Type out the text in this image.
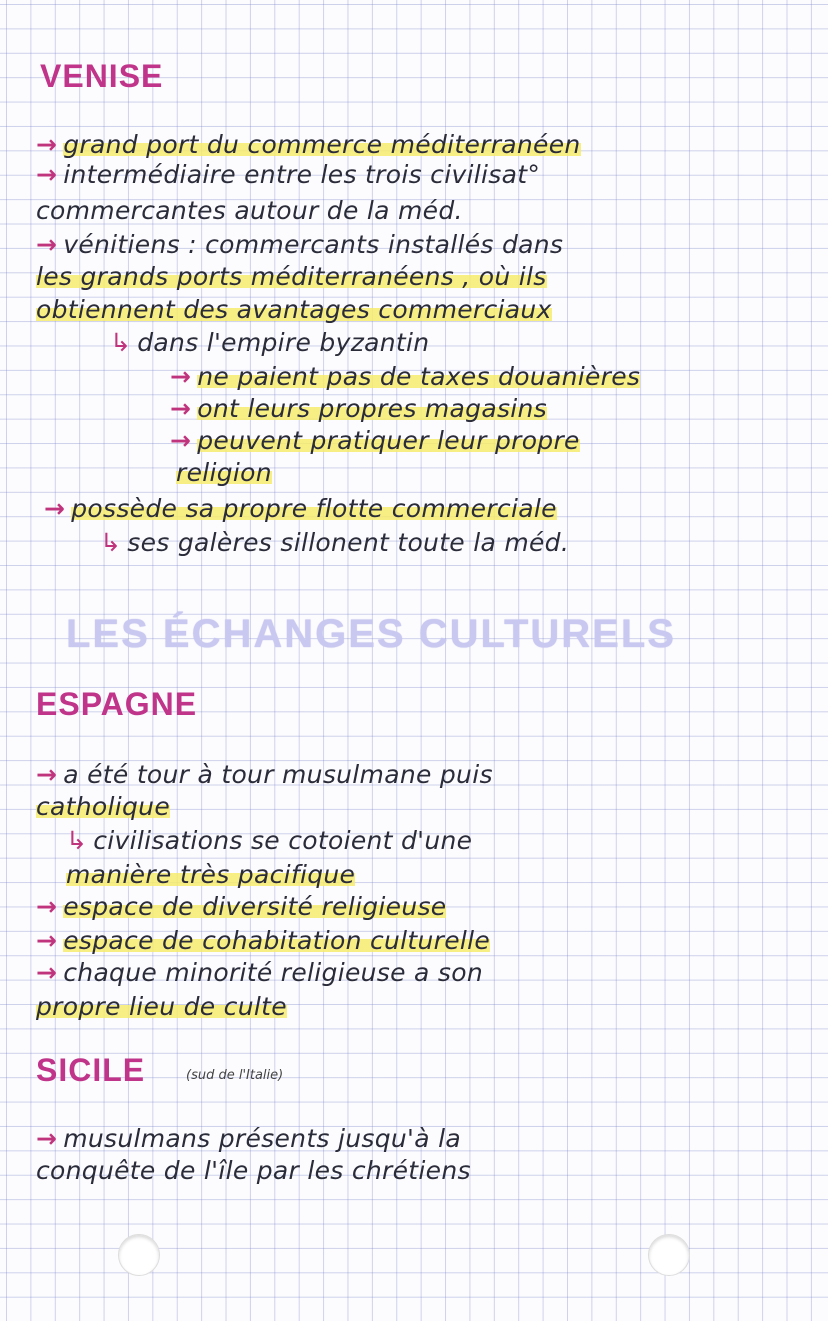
VENISE
→ grand port du commerce méditerranéen
→ intermédiaire entre les trois civilisat°
commercantes autour de la méd.
→ vénitiens : commercants installés dans
les grands ports méditerranéens , où ils
obtiennent des avantages commerciaux
↳ dans l'empire byzantin
→ ne paient pas de taxes douanières
→ ont leurs propres magasins
→ peuvent pratiquer leur propre
religion
→ possède sa propre flotte commerciale
↳ ses galères sillonent toute la méd.
LES ÉCHANGES CULTURELS
ESPAGNE
→ a été tour à tour musulmane puis
catholique
↳ civilisations se cotoient d'une
manière très pacifique
→ espace de diversité religieuse
→ espace de cohabitation culturelle
→ chaque minorité religieuse a son
propre lieu de culte
SICILE	(sud de l'Italie)
→ musulmans présents jusqu'à la
conquête de l'île par les chrétiens
